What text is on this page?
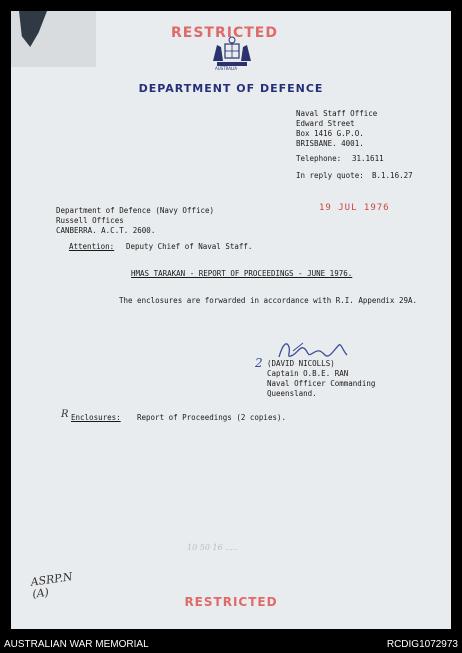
RESTRICTED
AUSTRALIA
DEPARTMENT OF DEFENCE
Naval Staff Office
Edward Street
Box 1416 G.P.O.
BRISBANE. 4001.
Telephone: 31.1611
In reply quote: B.1.16.27
19 JUL 1976
Department of Defence (Navy Office)
Russell Offices
CANBERRA. A.C.T. 2600.
Attention: Deputy Chief of Naval Staff.
HMAS TARAKAN - REPORT OF PROCEEDINGS - JUNE 1976.
The enclosures are forwarded in accordance with R.I. Appendix 29A.
2 (DAVID NICOLLS)
Captain O.B.E. RAN
Naval Officer Commanding
Queensland.
R Enclosures: Report of Proceedings (2 copies).
10 50 16 .....
ASRP.N
(A)
RESTRICTED
AUSTRALIAN WAR MEMORIAL	RCDIG1072973
